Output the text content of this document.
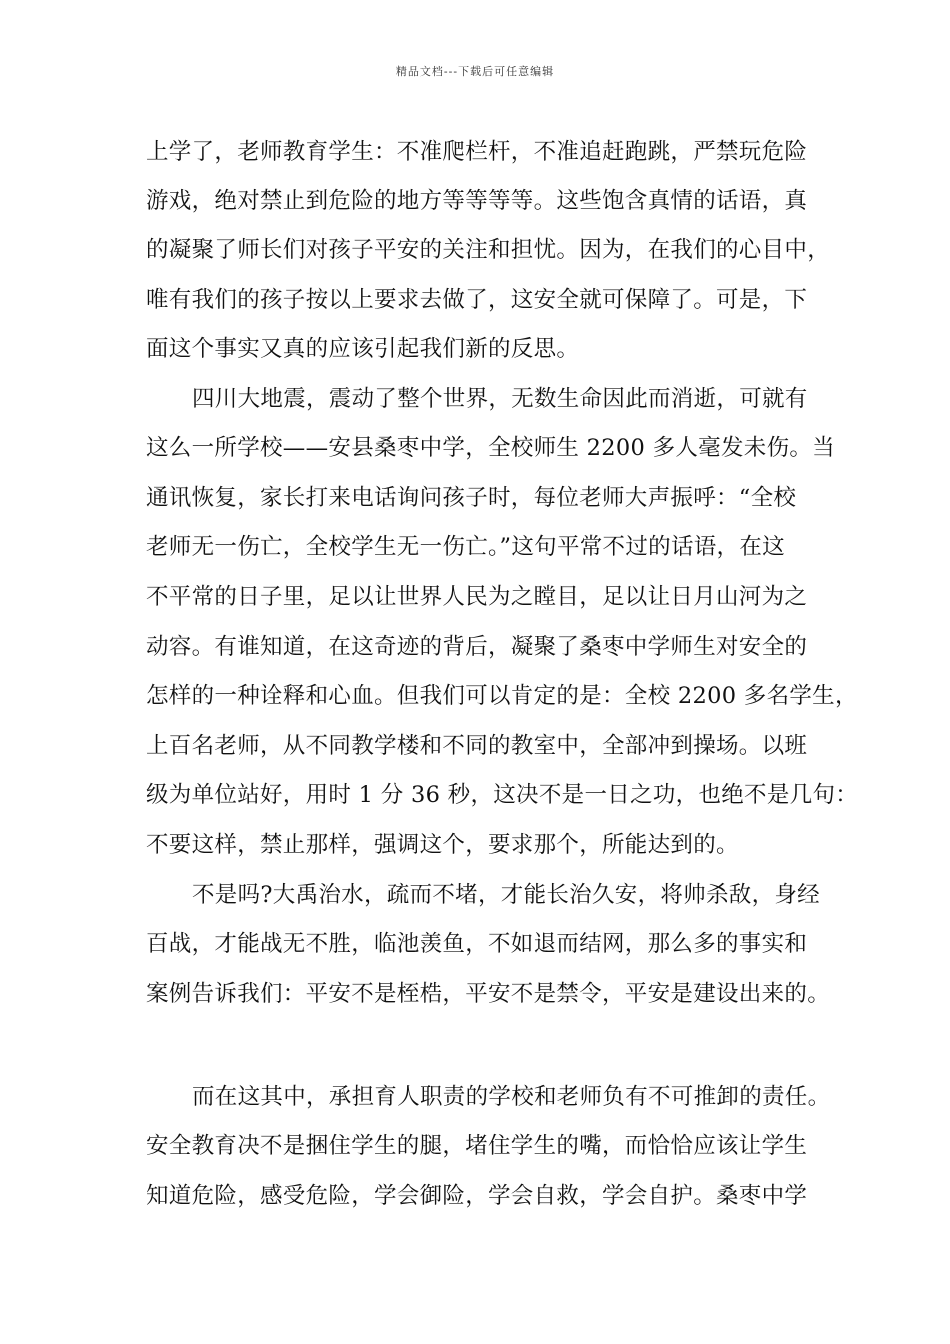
精品文档---下载后可任意编辑
上学了，老师教育学生：不准爬栏杆，不准追赶跑跳，严禁玩危险
游戏，绝对禁止到危险的地方等等等等。这些饱含真情的话语，真
的凝聚了师长们对孩子平安的关注和担忧。因为，在我们的心目中，
唯有我们的孩子按以上要求去做了，这安全就可保障了。可是，下
面这个事实又真的应该引起我们新的反思。
四川大地震，震动了整个世界，无数生命因此而消逝，可就有
这么一所学校——安县桑枣中学，全校师生 2200 多人毫发未伤。当
通讯恢复，家长打来电话询问孩子时，每位老师大声振呼：“全校
老师无一伤亡，全校学生无一伤亡。”这句平常不过的话语，在这
不平常的日子里，足以让世界人民为之瞠目，足以让日月山河为之
动容。有谁知道，在这奇迹的背后，凝聚了桑枣中学师生对安全的
怎样的一种诠释和心血。但我们可以肯定的是：全校 2200 多名学生，
上百名老师，从不同教学楼和不同的教室中，全部冲到操场。以班
级为单位站好，用时 1 分 36 秒，这决不是一日之功，也绝不是几句：
不要这样，禁止那样，强调这个，要求那个，所能达到的。
不是吗?大禹治水，疏而不堵，才能长治久安，将帅杀敌，身经
百战，才能战无不胜，临池羡鱼，不如退而结网，那么多的事实和
案例告诉我们：平安不是桎梏，平安不是禁令，平安是建设出来的。
而在这其中，承担育人职责的学校和老师负有不可推卸的责任。
安全教育决不是捆住学生的腿，堵住学生的嘴，而恰恰应该让学生
知道危险，感受危险，学会御险，学会自救，学会自护。桑枣中学
